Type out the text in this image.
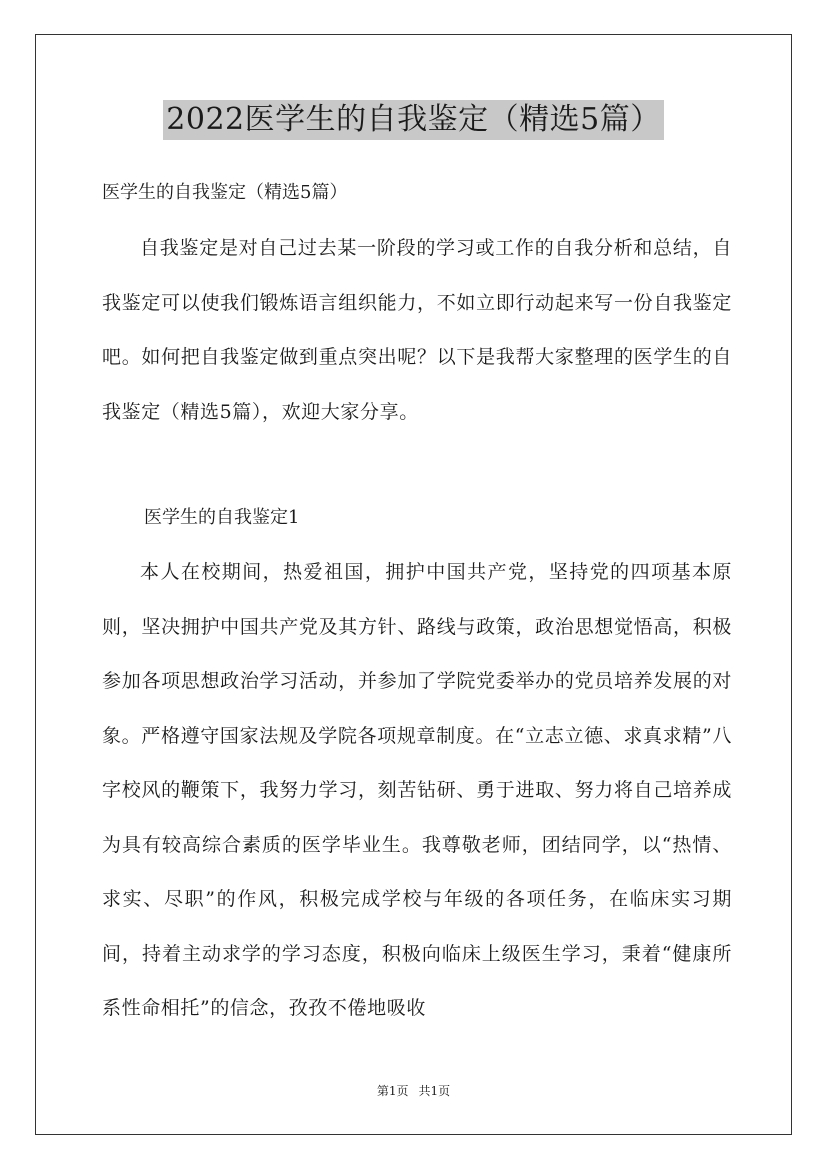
2022医学生的自我鉴定（精选5篇）
医学生的自我鉴定（精选5篇）

自我鉴定是对自己过去某一阶段的学习或工作的自我分析和总结，自我鉴定可以使我们锻炼语言组织能力，不如立即行动起来写一份自我鉴定吧。如何把自我鉴定做到重点突出呢？以下是我帮大家整理的医学生的自我鉴定（精选5篇），欢迎大家分享。

医学生的自我鉴定1

本人在校期间，热爱祖国，拥护中国共产党，坚持党的四项基本原则，坚决拥护中国共产党及其方针、路线与政策，政治思想觉悟高，积极参加各项思想政治学习活动，并参加了学院党委举办的党员培养发展的对象。严格遵守国家法规及学院各项规章制度。在“立志立德、求真求精”八字校风的鞭策下，我努力学习，刻苦钻研、勇于进取、努力将自己培养成为具有较高综合素质的医学毕业生。我尊敬老师，团结同学，以“热情、求实、尽职”的作风，积极完成学校与年级的各项任务，在临床实习期间，持着主动求学的学习态度，积极向临床上级医生学习，秉着“健康所系性命相托”的信念，孜孜不倦地吸收

第1页 共1页
